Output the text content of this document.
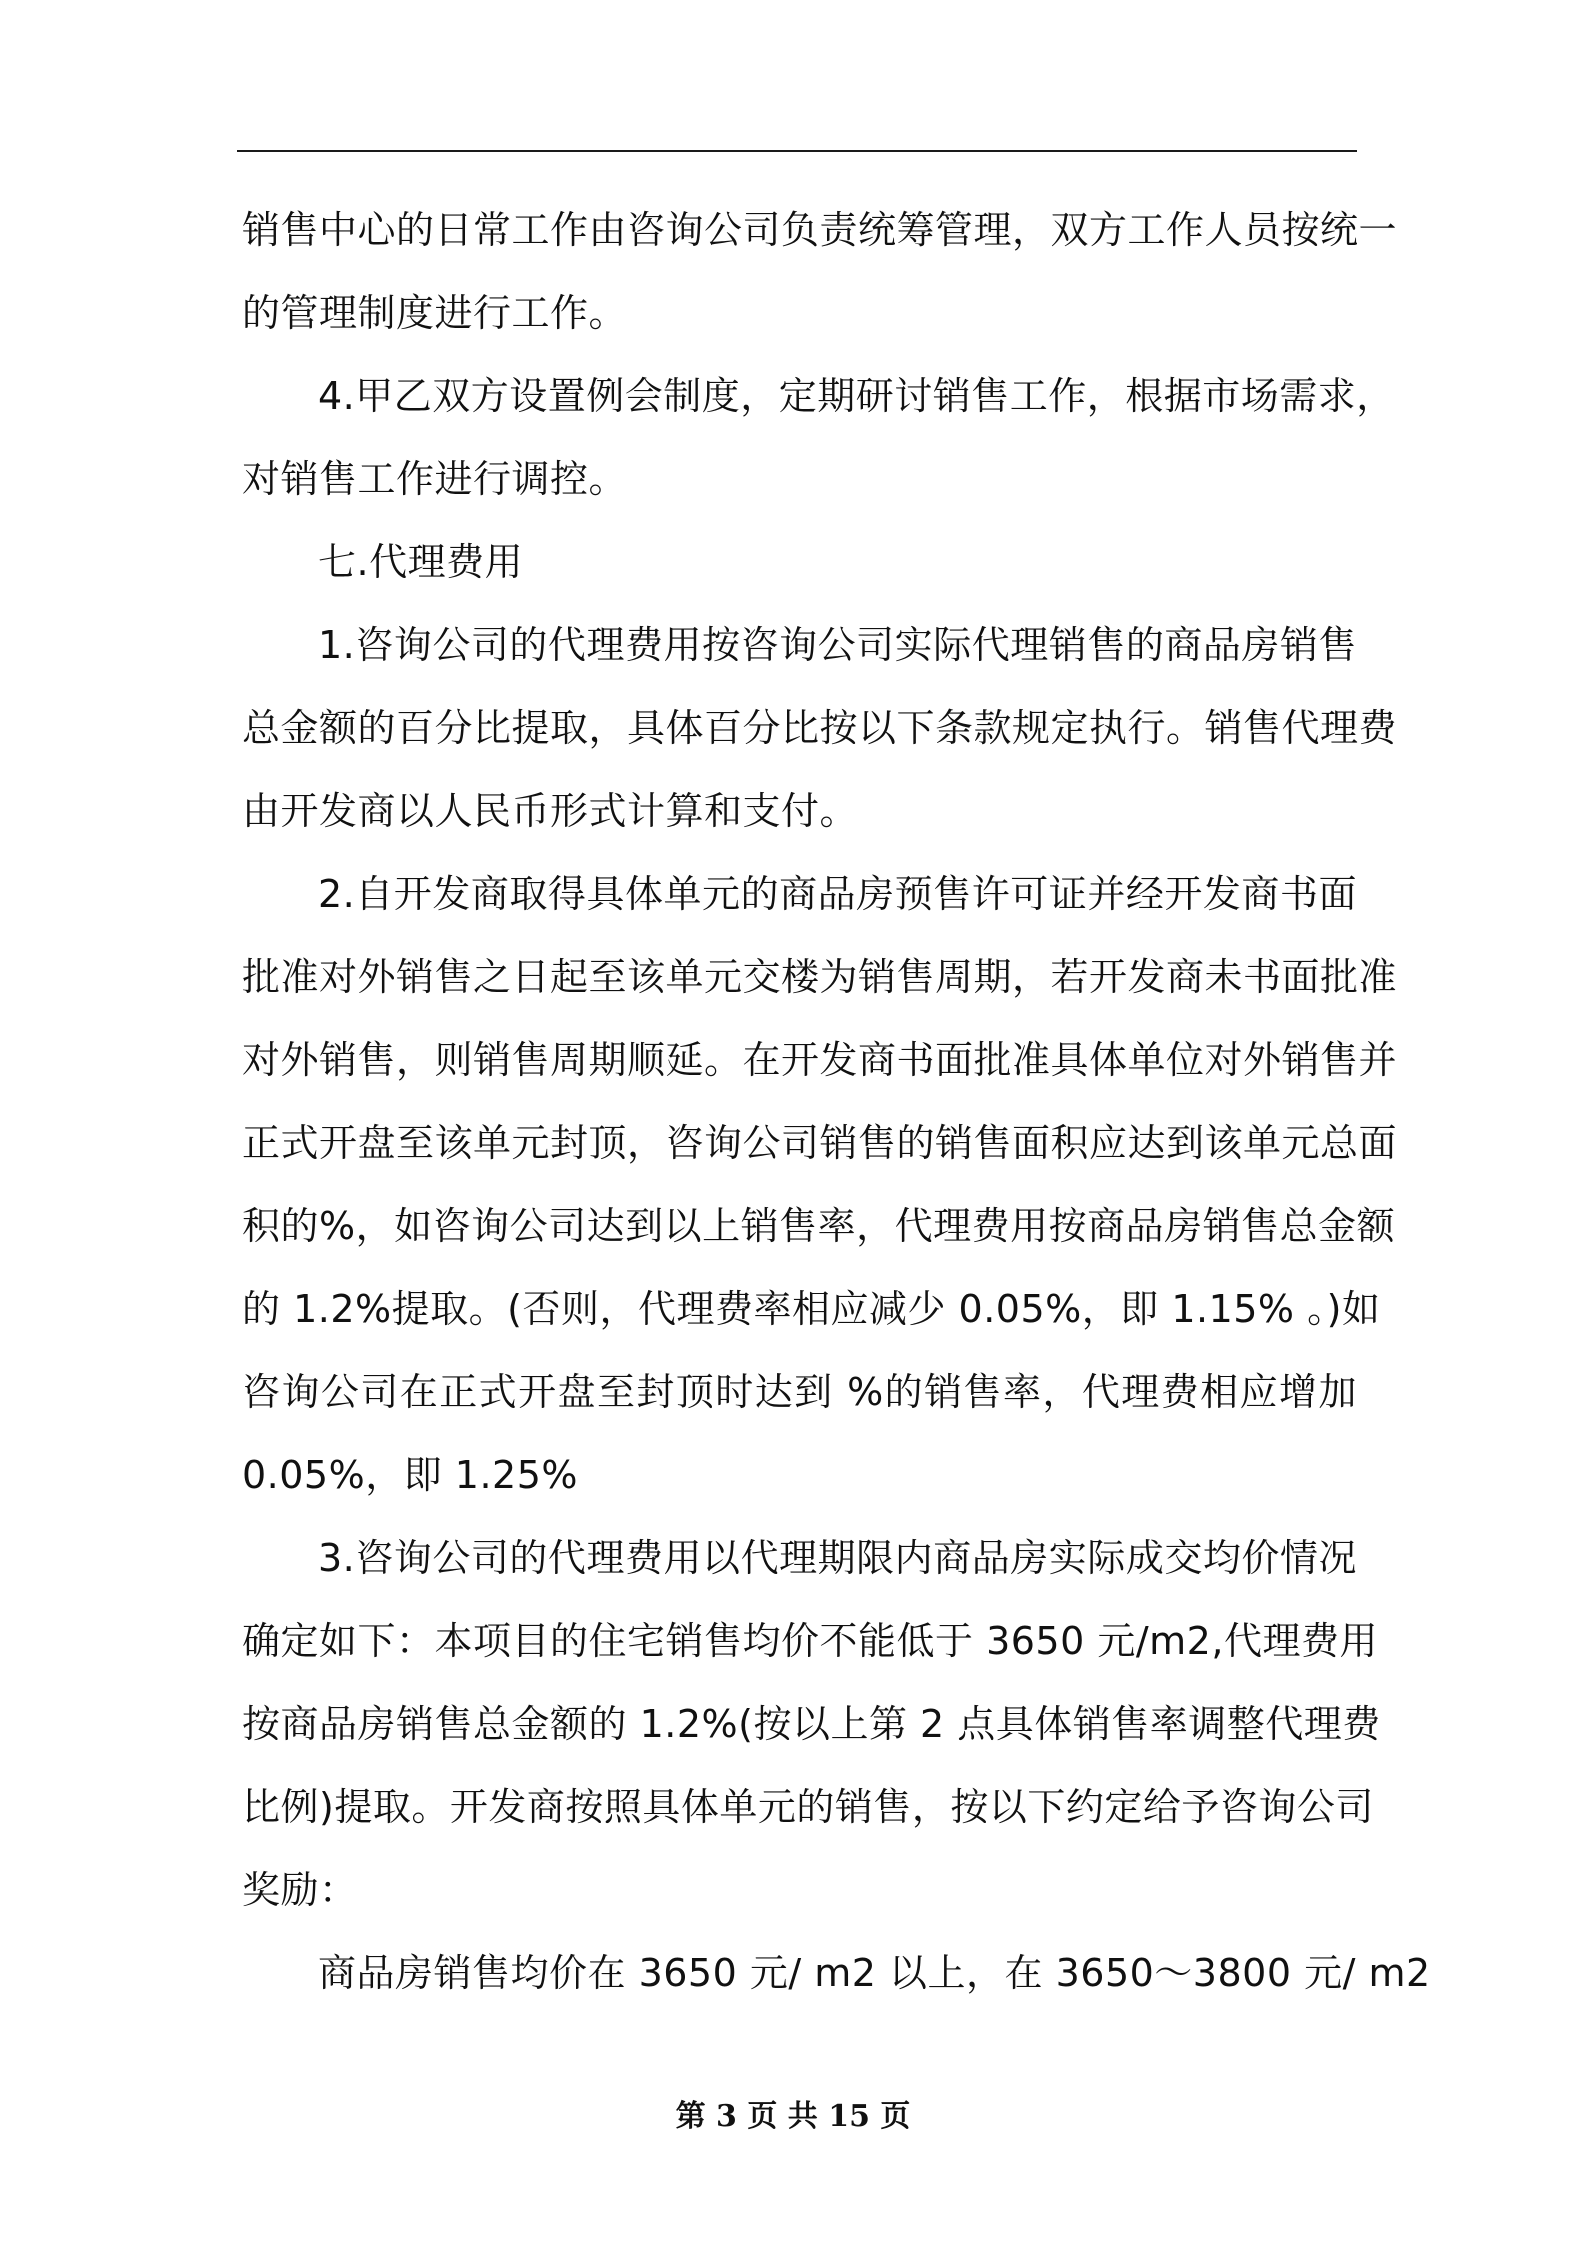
销售中心的日常工作由咨询公司负责统筹管理，双方工作人员按统一
的管理制度进行工作。
4.甲乙双方设置例会制度，定期研讨销售工作，根据市场需求，
对销售工作进行调控。
七.代理费用
1.咨询公司的代理费用按咨询公司实际代理销售的商品房销售
总金额的百分比提取，具体百分比按以下条款规定执行。销售代理费
由开发商以人民币形式计算和支付。
2.自开发商取得具体单元的商品房预售许可证并经开发商书面
批准对外销售之日起至该单元交楼为销售周期，若开发商未书面批准
对外销售，则销售周期顺延。在开发商书面批准具体单位对外销售并
正式开盘至该单元封顶，咨询公司销售的销售面积应达到该单元总面
积的%，如咨询公司达到以上销售率，代理费用按商品房销售总金额
的 1.2%提取。(否则，代理费率相应减少 0.05%，即 1.15% 。)如
咨询公司在正式开盘至封顶时达到 %的销售率，代理费相应增加
0.05%，即 1.25%
3.咨询公司的代理费用以代理期限内商品房实际成交均价情况
确定如下：本项目的住宅销售均价不能低于 3650 元/m2,代理费用
按商品房销售总金额的 1.2%(按以上第 2 点具体销售率调整代理费
比例)提取。开发商按照具体单元的销售，按以下约定给予咨询公司
奖励：
商品房销售均价在 3650 元/ m2 以上，在 3650～3800 元/ m2
第 3 页 共 15 页
